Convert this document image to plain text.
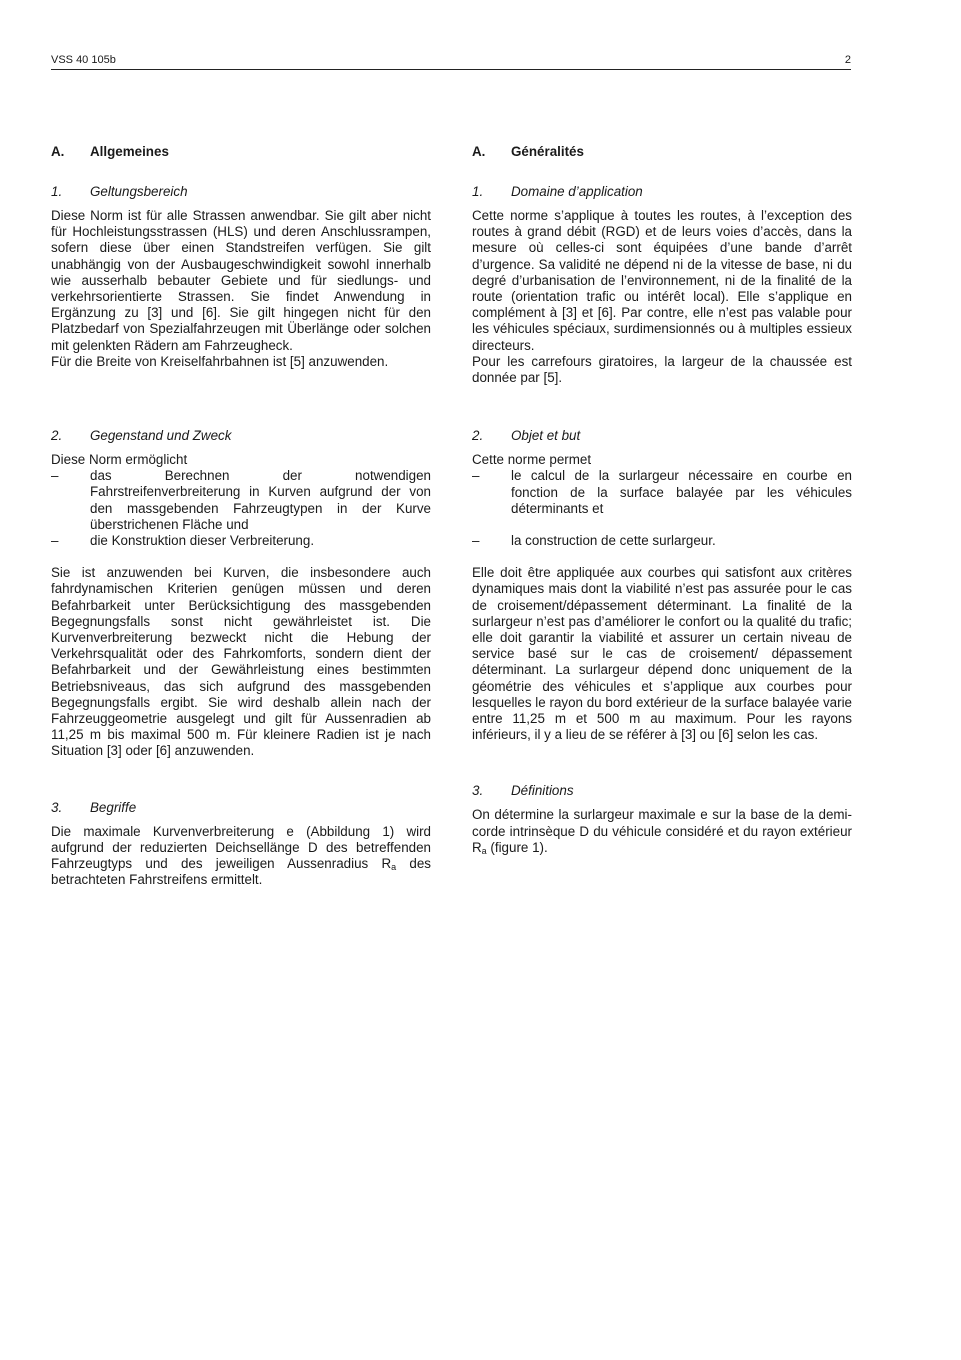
VSS 40 105b	2
A.	Allgemeines
1.	Geltungsbereich

Diese Norm ist für alle Strassen anwendbar. Sie gilt aber nicht für Hochleistungsstrassen (HLS) und deren Anschlussrampen, sofern diese über einen Standstreifen verfügen. Sie gilt unabhängig von der Ausbaugeschwindigkeit sowohl innerhalb wie ausserhalb bebauter Gebiete und für siedlungs- und verkehrsorientierte Strassen. Sie findet Anwendung in Ergänzung zu [3] und [6]. Sie gilt hingegen nicht für den Platzbedarf von Spezialfahrzeugen mit Überlänge oder solchen mit gelenkten Rädern am Fahrzeugheck.

Für die Breite von Kreiselfahrbahnen ist [5] anzuwenden.

2.	Gegenstand und Zweck

Diese Norm ermöglicht

–	das Berechnen der notwendigen Fahrstreifenverbreiterung in Kurven aufgrund der von den massgebenden Fahrzeugtypen in der Kurve überstrichenen Fläche und
–	die Konstruktion dieser Verbreiterung.

Sie ist anzuwenden bei Kurven, die insbesondere auch fahrdynamischen Kriterien genügen müssen und deren Befahrbarkeit unter Berücksichtigung des massgebenden Begegnungsfalls sonst nicht gewährleistet ist. Die Kurvenverbreiterung bezweckt nicht die Hebung der Verkehrsqualität oder des Fahrkomforts, sondern dient der Befahrbarkeit und der Gewährleistung eines bestimmten Betriebsniveaus, das sich aufgrund des massgebenden Begegnungsfalls ergibt. Sie wird deshalb allein nach der Fahrzeuggeometrie ausgelegt und gilt für Aussenradien ab 11,25 m bis maximal 500 m. Für kleinere Radien ist je nach Situation [3] oder [6] anzuwenden.

3.	Begriffe

Die maximale Kurvenverbreiterung e (Abbildung 1) wird aufgrund der reduzierten Deichsellänge D des betreffenden Fahrzeugtyps und des jeweiligen Aussenradius $R_a$ des betrachteten Fahrstreifens ermittelt.

A.	Généralités
1.	Domaine d’application

Cette norme s’applique à toutes les routes, à l’exception des routes à grand débit (RGD) et de leurs voies d’accès, dans la mesure où celles-ci sont équipées d’une bande d’arrêt d’urgence. Sa validité ne dépend ni de la vitesse de base, ni du degré d’urbanisation de l’environnement, ni de la finalité de la route (orientation trafic ou intérêt local). Elle s’applique en complément à [3] et [6]. Par contre, elle n’est pas valable pour les véhicules spéciaux, surdimensionnés ou à multiples essieux directeurs.

Pour les carrefours giratoires, la largeur de la chaussée est donnée par [5].

2.	Objet et but

Cette norme permet

–	le calcul de la surlargeur nécessaire en courbe en fonction de la surface balayée par les véhicules déterminants et
–	la construction de cette surlargeur.

Elle doit être appliquée aux courbes qui satisfont aux critères dynamiques mais dont la viabilité n’est pas assurée pour le cas de croisement/dépassement déterminant. La finalité de la surlargeur n’est pas d’améliorer le confort ou la qualité du trafic; elle doit garantir la viabilité et assurer un certain niveau de service basé sur le cas de croisement/ dépassement déterminant. La surlargeur dépend donc uniquement de la géométrie des véhicules et s’applique aux courbes pour lesquelles le rayon du bord extérieur de la surface balayée varie entre 11,25 m et 500 m au maximum. Pour les rayons inférieurs, il y a lieu de se référer à [3] ou [6] selon les cas.

3.	Définitions

On détermine la surlargeur maximale e sur la base de la demi-corde intrinsèque D du véhicule considéré et du rayon extérieur $R_a$ (figure 1).
